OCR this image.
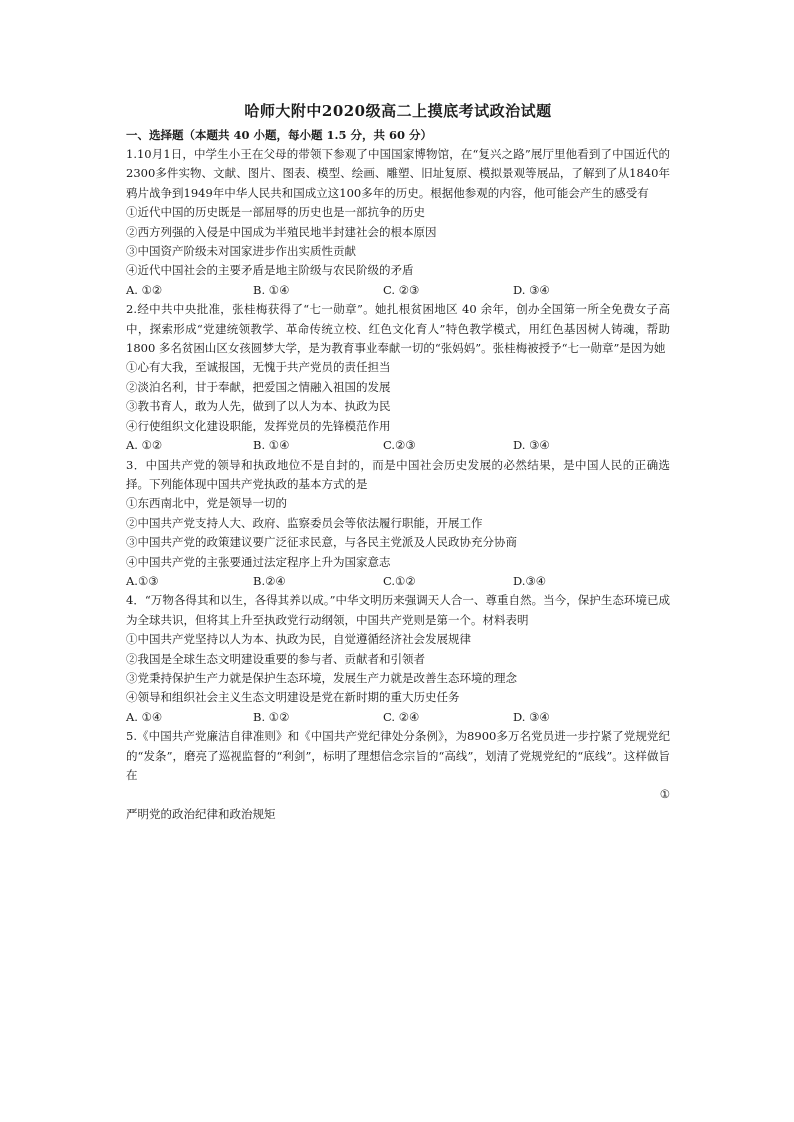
哈师大附中2020级高二上摸底考试政治试题
一、选择题（本题共 40 小题，每小题 1.5 分，共 60 分）

1.10月1日，中学生小王在父母的带领下参观了中国国家博物馆，在“复兴之路”展厅里他看到了中国近代的2300多件实物、文献、图片、图表、模型、绘画、雕塑、旧址复原、模拟景观等展品，了解到了从1840年鸦片战争到1949年中华人民共和国成立这100多年的历史。根据他参观的内容，他可能会产生的感受有

①近代中国的历史既是一部屈辱的历史也是一部抗争的历史

②西方列强的入侵是中国成为半殖民地半封建社会的根本原因

③中国资产阶级未对国家进步作出实质性贡献

④近代中国社会的主要矛盾是地主阶级与农民阶级的矛盾

A. ①②	B. ①④	C. ②③	D. ③④

2.经中共中央批准，张桂梅获得了“七一勋章”。她扎根贫困地区 40 余年，创办全国第一所全免费女子高中，探索形成“党建统领教学、革命传统立校、红色文化育人”特色教学模式，用红色基因树人铸魂，帮助 1800 多名贫困山区女孩圆梦大学，是为教育事业奉献一切的“张妈妈”。张桂梅被授予“七一勋章”是因为她

①心有大我，至诚报国，无愧于共产党员的责任担当

②淡泊名利，甘于奉献，把爱国之情融入祖国的发展

③教书育人，敢为人先，做到了以人为本、执政为民

④行使组织文化建设职能，发挥党员的先锋模范作用

A. ①②	B. ①④	C.②③	D. ③④

3．中国共产党的领导和执政地位不是自封的，而是中国社会历史发展的必然结果，是中国人民的正确选择。下列能体现中国共产党执政的基本方式的是

①东西南北中，党是领导一切的

②中国共产党支持人大、政府、监察委员会等依法履行职能，开展工作

③中国共产党的政策建议要广泛征求民意，与各民主党派及人民政协充分协商

④中国共产党的主张要通过法定程序上升为国家意志

A.①③	B.②④	C.①②	D.③④

4．“万物各得其和以生，各得其养以成。”中华文明历来强调天人合一、尊重自然。当今，保护生态环境已成为全球共识，但将其上升至执政党行动纲领，中国共产党则是第一个。材料表明

①中国共产党坚持以人为本、执政为民，自觉遵循经济社会发展规律

②我国是全球生态文明建设重要的参与者、贡献者和引领者

③党秉持保护生产力就是保护生态环境，发展生产力就是改善生态环境的理念

④领导和组织社会主义生态文明建设是党在新时期的重大历史任务

A. ①④	B. ①②	C. ②④	D. ③④

5.《中国共产党廉洁自律准则》和《中国共产党纪律处分条例》，为8900多万名党员进一步拧紧了党规党纪的“发条”，磨亮了巡视监督的“利剑”，标明了理想信念宗旨的“高线”，划清了党规党纪的“底线”。这样做旨在

①

严明党的政治纪律和政治规矩
